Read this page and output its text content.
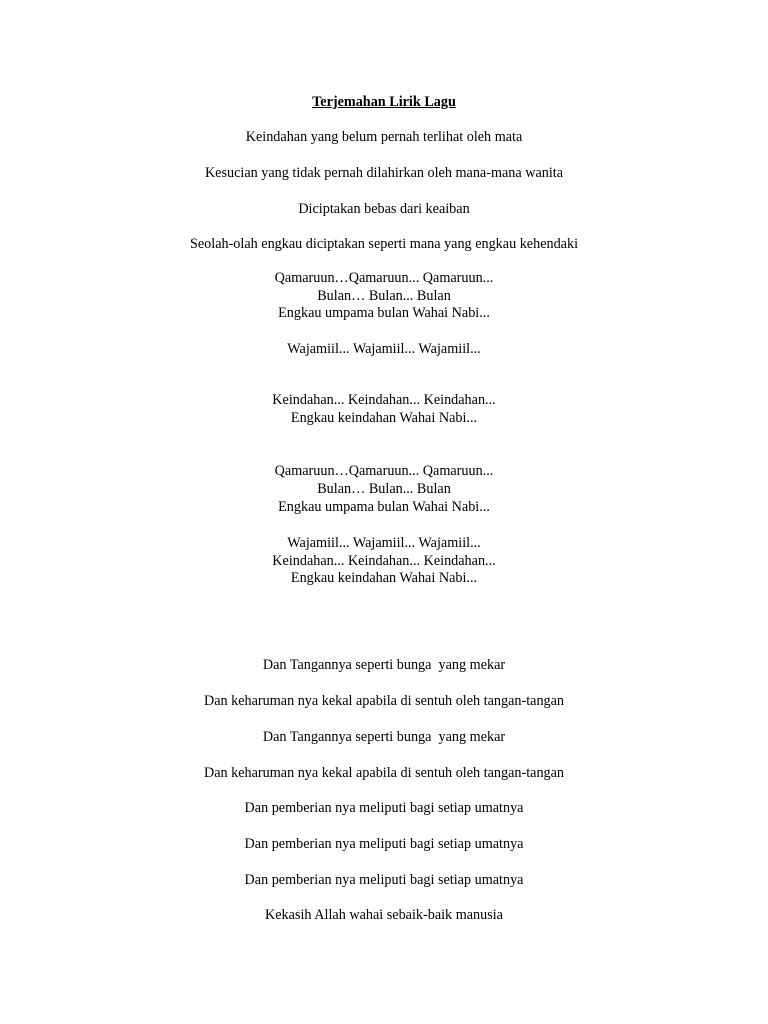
Terjemahan Lirik Lagu
Keindahan yang belum pernah terlihat oleh mata
Kesucian yang tidak pernah dilahirkan oleh mana-mana wanita
Diciptakan bebas dari keaiban
Seolah-olah engkau diciptakan seperti mana yang engkau kehendaki
Qamaruun…Qamaruun... Qamaruun...
Bulan… Bulan... Bulan
Engkau umpama bulan Wahai Nabi...
Wajamiil... Wajamiil... Wajamiil...
Keindahan... Keindahan... Keindahan...
Engkau keindahan Wahai Nabi...
Qamaruun…Qamaruun... Qamaruun...
Bulan… Bulan... Bulan
Engkau umpama bulan Wahai Nabi...
Wajamiil... Wajamiil... Wajamiil...
Keindahan... Keindahan... Keindahan...
Engkau keindahan Wahai Nabi...
Dan Tangannya seperti bunga  yang mekar
Dan keharuman nya kekal apabila di sentuh oleh tangan-tangan
Dan Tangannya seperti bunga  yang mekar
Dan keharuman nya kekal apabila di sentuh oleh tangan-tangan
Dan pemberian nya meliputi bagi setiap umatnya
Dan pemberian nya meliputi bagi setiap umatnya
Dan pemberian nya meliputi bagi setiap umatnya
Kekasih Allah wahai sebaik-baik manusia
